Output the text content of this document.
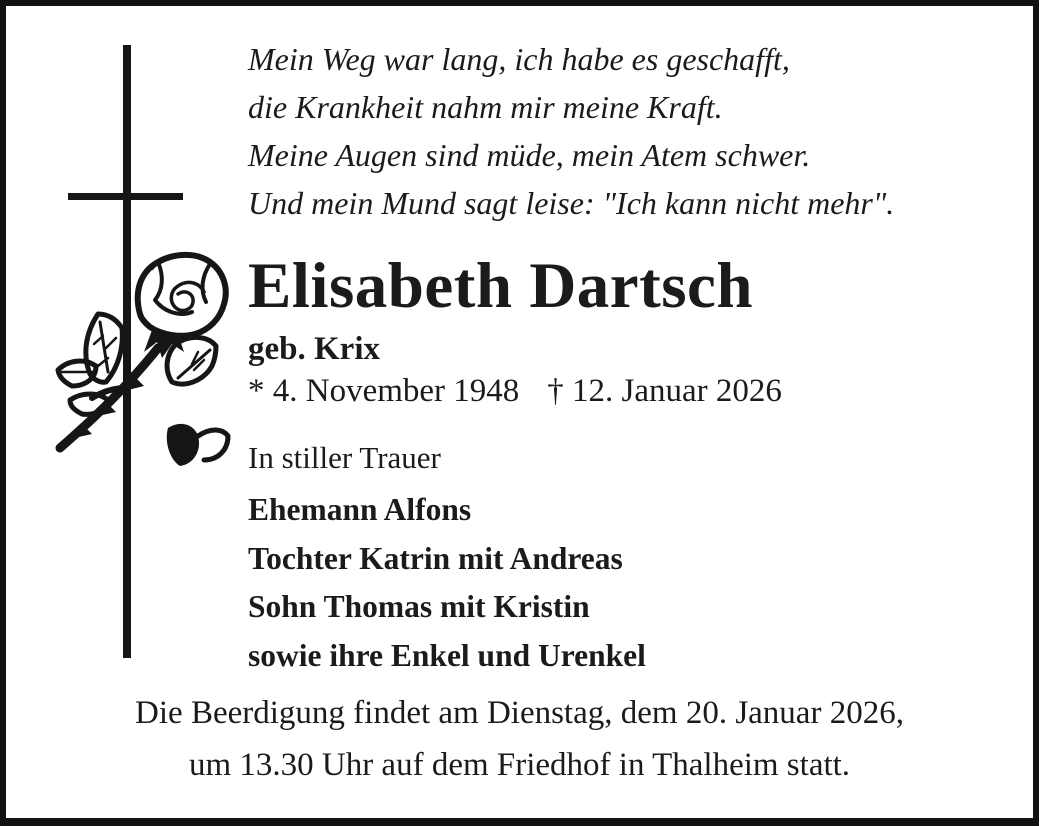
Mein Weg war lang, ich habe es geschafft,
die Krankheit nahm mir meine Kraft.
Meine Augen sind müde, mein Atem schwer.
Und mein Mund sagt leise: "Ich kann nicht mehr".
Elisabeth Dartsch
geb. Krix
* 4. November 1948 † 12. Januar 2026
In stiller Trauer
Ehemann Alfons
Tochter Katrin mit Andreas
Sohn Thomas mit Kristin
sowie ihre Enkel und Urenkel
Die Beerdigung findet am Dienstag, dem 20. Januar 2026,
um 13.30 Uhr auf dem Friedhof in Thalheim statt.
